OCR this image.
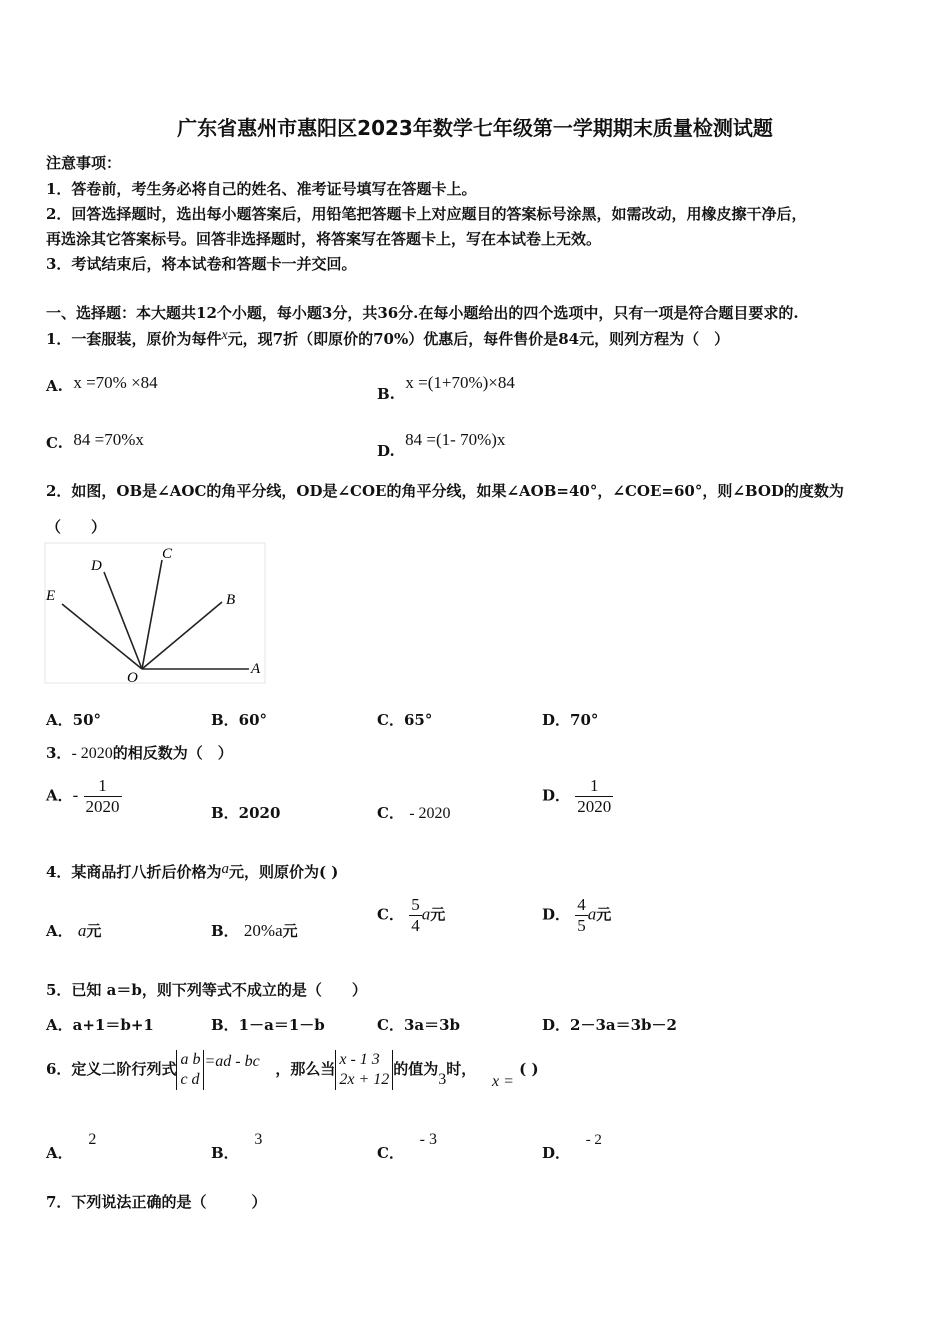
广东省惠州市惠阳区2023年数学七年级第一学期期末质量检测试题
注意事项：
1．答卷前，考生务必将自己的姓名、准考证号填写在答题卡上。
2．回答选择题时，选出每小题答案后，用铅笔把答题卡上对应题目的答案标号涂黑，如需改动，用橡皮擦干净后，
再选涂其它答案标号。回答非选择题时，将答案写在答题卡上，写在本试卷上无效。
3．考试结束后，将本试卷和答题卡一并交回。
一、选择题：本大题共12个小题，每小题3分，共36分.在每小题给出的四个选项中，只有一项是符合题目要求的.
1．一套服装，原价为每件x元，现7折（即原价的70%）优惠后，每件售价是84元，则列方程为（　）
A. x =70% ×84
B.  x =(1+70%)×84
C. 84 =70%x
D.  84 =(1- 70%)x
2．如图，OB是∠AOC的角平分线，OD是∠COE的角平分线，如果∠AOB=40°，∠COE=60°，则∠BOD的度数为
（　　）
D
C
E	B
O
A
A．50°	B．60°	C．65°	D．70°
3．- 2020的相反数为（　）
A．- $\frac{1}{2020}$	B．2020	C． - 2020
D． $\frac{1}{2020}$
4．某商品打八折后价格为a元，则原价为( )
A． a元	B． 20%a元
C． $\frac{5}{4}$ a元	D． $\frac{4}{5}$ a元
5．已知 a＝b，则下列等式不成立的是（　　）
A．a+1＝b+1	B．1－a＝1－b	C．3a＝3b	D．2－3a＝3b－2
6．定义二阶行列式
a b
c d
=ad - bc ，那么当
x - 1 3
2x + 12
的值为3时，   x = ( )
A．   2
B．   3
C．   - 3
D．   - 2
7．下列说法正确的是（　　　）
